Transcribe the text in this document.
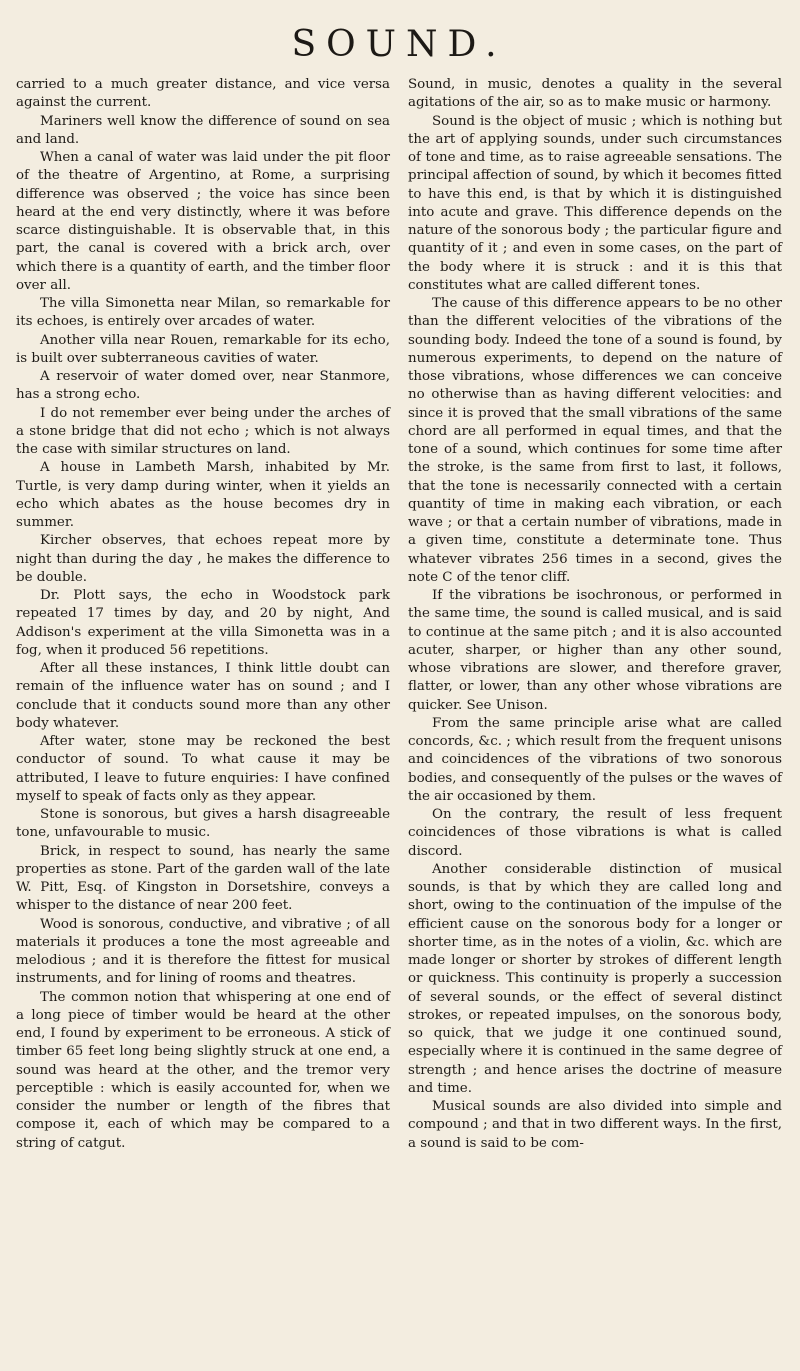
SOUND.

carried to a much greater distance, and vice versa against the current.

Mariners well know the difference of sound on sea and land.

When a canal of water was laid under the pit floor of the theatre of Argentino, at Rome, a surprising difference was observed ; the voice has since been heard at the end very distinctly, where it was before scarce distinguishable. It is observable that, in this part, the canal is covered with a brick arch, over which there is a quantity of earth, and the timber floor over all.

The villa Simonetta near Milan, so remarkable for its echoes, is entirely over arcades of water.

Another villa near Rouen, remarkable for its echo, is built over subterraneous cavities of water.

A reservoir of water domed over, near Stanmore, has a strong echo.

I do not remember ever being under the arches of a stone bridge that did not echo ; which is not always the case with similar structures on land.

A house in Lambeth Marsh, inhabited by Mr. Turtle, is very damp during winter, when it yields an echo which abates as the house becomes dry in summer.

Kircher observes, that echoes repeat more by night than during the day , he makes the difference to be double.

Dr. Plott says, the echo in Woodstock park repeated 17 times by day, and 20 by night, And Addison's experiment at the villa Simonetta was in a fog, when it produced 56 repetitions.

After all these instances, I think little doubt can remain of the influence water has on sound ; and I conclude that it conducts sound more than any other body whatever.

After water, stone may be reckoned the best conductor of sound. To what cause it may be attributed, I leave to future enquiries: I have confined myself to speak of facts only as they appear.

Stone is sonorous, but gives a harsh disagreeable tone, unfavourable to music.

Brick, in respect to sound, has nearly the same properties as stone. Part of the garden wall of the late W. Pitt, Esq. of Kingston in Dorsetshire, conveys a whisper to the distance of near 200 feet.

Wood is sonorous, conductive, and vibrative ; of all materials it produces a tone the most agreeable and melodious ; and it is therefore the fittest for musical instruments, and for lining of rooms and theatres.

The common notion that whispering at one end of a long piece of timber would be heard at the other end, I found by experiment to be erroneous. A stick of timber 65 feet long being slightly struck at one end, a sound was heard at the other, and the tremor very perceptible : which is easily accounted for, when we consider the number or length of the fibres that compose it, each of which may be compared to a string of catgut.

Sound, in music, denotes a quality in the several agitations of the air, so as to make music or harmony.

Sound is the object of music ; which is nothing but the art of applying sounds, under such circumstances of tone and time, as to raise agreeable sensations. The principal affection of sound, by which it becomes fitted to have this end, is that by which it is distinguished into acute and grave. This difference depends on the nature of the sonorous body ; the particular figure and quantity of it ; and even in some cases, on the part of the body where it is struck : and it is this that constitutes what are called different tones.

The cause of this difference appears to be no other than the different velocities of the vibrations of the sounding body. Indeed the tone of a sound is found, by numerous experiments, to depend on the nature of those vibrations, whose differences we can conceive no otherwise than as having different velocities: and since it is proved that the small vibrations of the same chord are all performed in equal times, and that the tone of a sound, which continues for some time after the stroke, is the same from first to last, it follows, that the tone is necessarily connected with a certain quantity of time in making each vibration, or each wave ; or that a certain number of vibrations, made in a given time, constitute a determinate tone. Thus whatever vibrates 256 times in a second, gives the note C of the tenor cliff.

If the vibrations be isochronous, or performed in the same time, the sound is called musical, and is said to continue at the same pitch ; and it is also accounted acuter, sharper, or higher than any other sound, whose vibrations are slower, and therefore graver, flatter, or lower, than any other whose vibrations are quicker. See Unison.

From the same principle arise what are called concords, &c. ; which result from the frequent unisons and coincidences of the vibrations of two sonorous bodies, and consequently of the pulses or the waves of the air occasioned by them.

On the contrary, the result of less frequent coincidences of those vibrations is what is called discord.

Another considerable distinction of musical sounds, is that by which they are called long and short, owing to the continuation of the impulse of the efficient cause on the sonorous body for a longer or shorter time, as in the notes of a violin, &c. which are made longer or shorter by strokes of different length or quickness. This continuity is properly a succession of several sounds, or the effect of several distinct strokes, or repeated impulses, on the sonorous body, so quick, that we judge it one continued sound, especially where it is continued in the same degree of strength ; and hence arises the doctrine of measure and time.

Musical sounds are also divided into simple and compound ; and that in two different ways. In the first, a sound is said to be com-
